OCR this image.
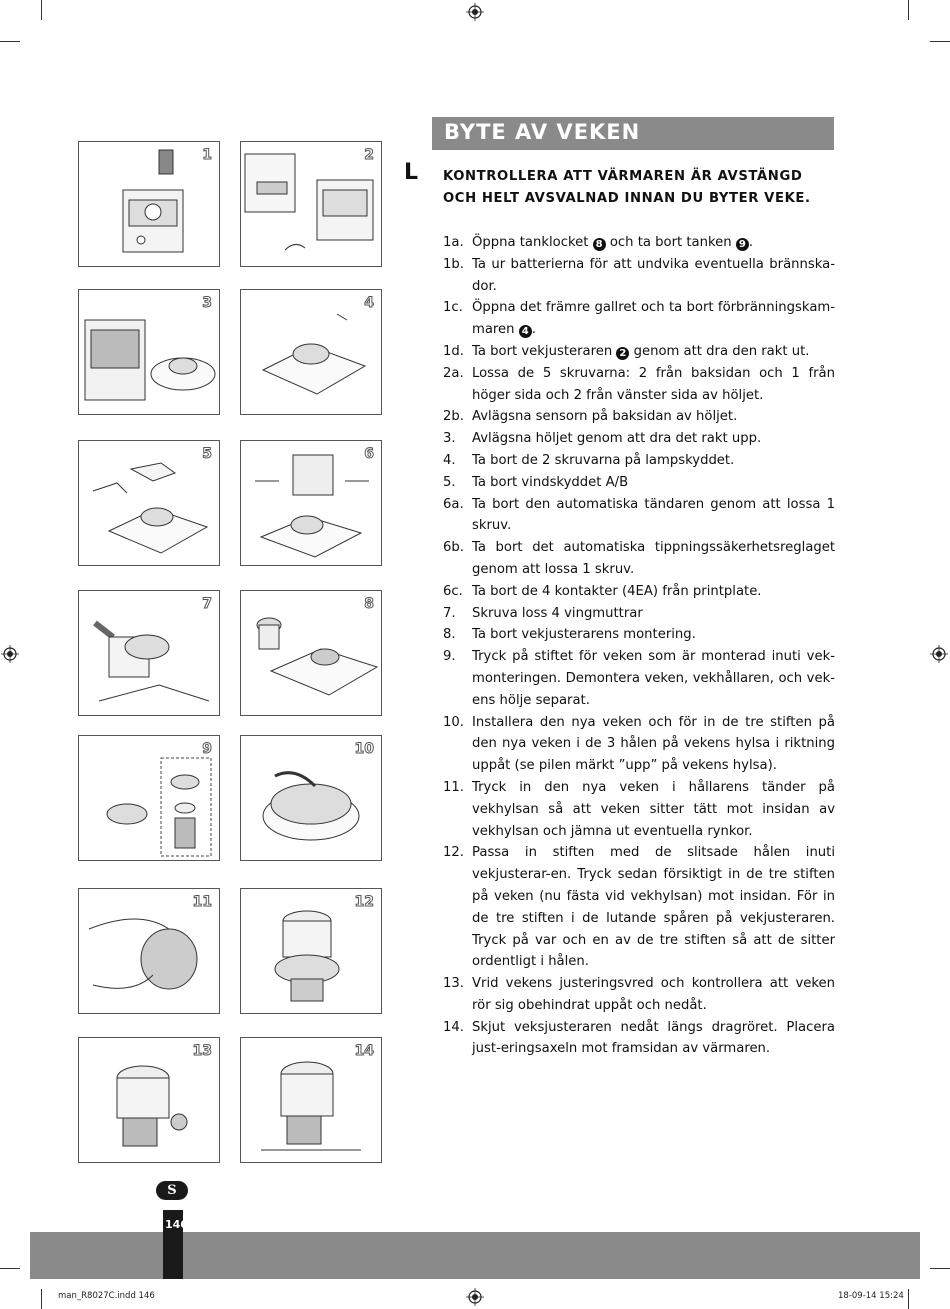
1	2
3	4
5	6
7	8
9	10
11	12
13	14
BYTE AV VEKEN
L KONTROLLERA ATT VÄRMAREN ÄR AVSTÄNGD OCH HELT AVSVALNAD INNAN DU BYTER VEKE.
1a. Öppna tanklocket 8 och ta bort tanken 9 .
1b. Ta ur batterierna för att undvika eventuella brännska-dor.
1c. Öppna det främre gallret och ta bort förbränningskam-maren 4 .
1d. Ta bort vekjusteraren 2 genom att dra den rakt ut.
2a. Lossa de 5 skruvarna: 2 från baksidan och 1 från höger sida och 2 från vänster sida av höljet.
2b. Avlägsna sensorn på baksidan av höljet.
3.	Avlägsna höljet genom att dra det rakt upp.
4.	Ta bort de 2 skruvarna på lampskyddet.
5.	Ta bort vindskyddet A/B
6a. Ta bort den automatiska tändaren genom att lossa 1 skruv.
6b. Ta bort det automatiska tippningssäkerhetsreglaget genom att lossa 1 skruv.
6c. Ta bort de 4 kontakter (4EA) från printplate.
7.	Skruva loss 4 vingmuttrar
8.	Ta bort vekjusterarens montering.
9.	Tryck på stiftet för veken som är monterad inuti vek-monteringen. Demontera veken, vekhållaren, och vek-ens hölje separat.
10. Installera den nya veken och för in de tre stiften på den nya veken i de 3 hålen på vekens hylsa i riktning uppåt (se pilen märkt ”upp” på vekens hylsa).
11. Tryck in den nya veken i hållarens tänder på vekhylsan så att veken sitter tätt mot insidan av vekhylsan och jämna ut eventuella rynkor.
12. Passa in stiften med de slitsade hålen inuti vekjusterar-en. Tryck sedan försiktigt in de tre stiften på veken (nu fästa vid vekhylsan) mot insidan. För in de tre stiften i de lutande spåren på vekjusteraren. Tryck på var och en av de tre stiften så att de sitter ordentligt i hålen.
13. Vrid vekens justeringsvred och kontrollera att veken rör sig obehindrat uppåt och nedåt.
14. Skjut veksjusteraren nedåt längs dragröret. Placera just-eringsaxeln mot framsidan av värmaren.
S
146
man_R8027C.indd 146	18-09-14 15:24
